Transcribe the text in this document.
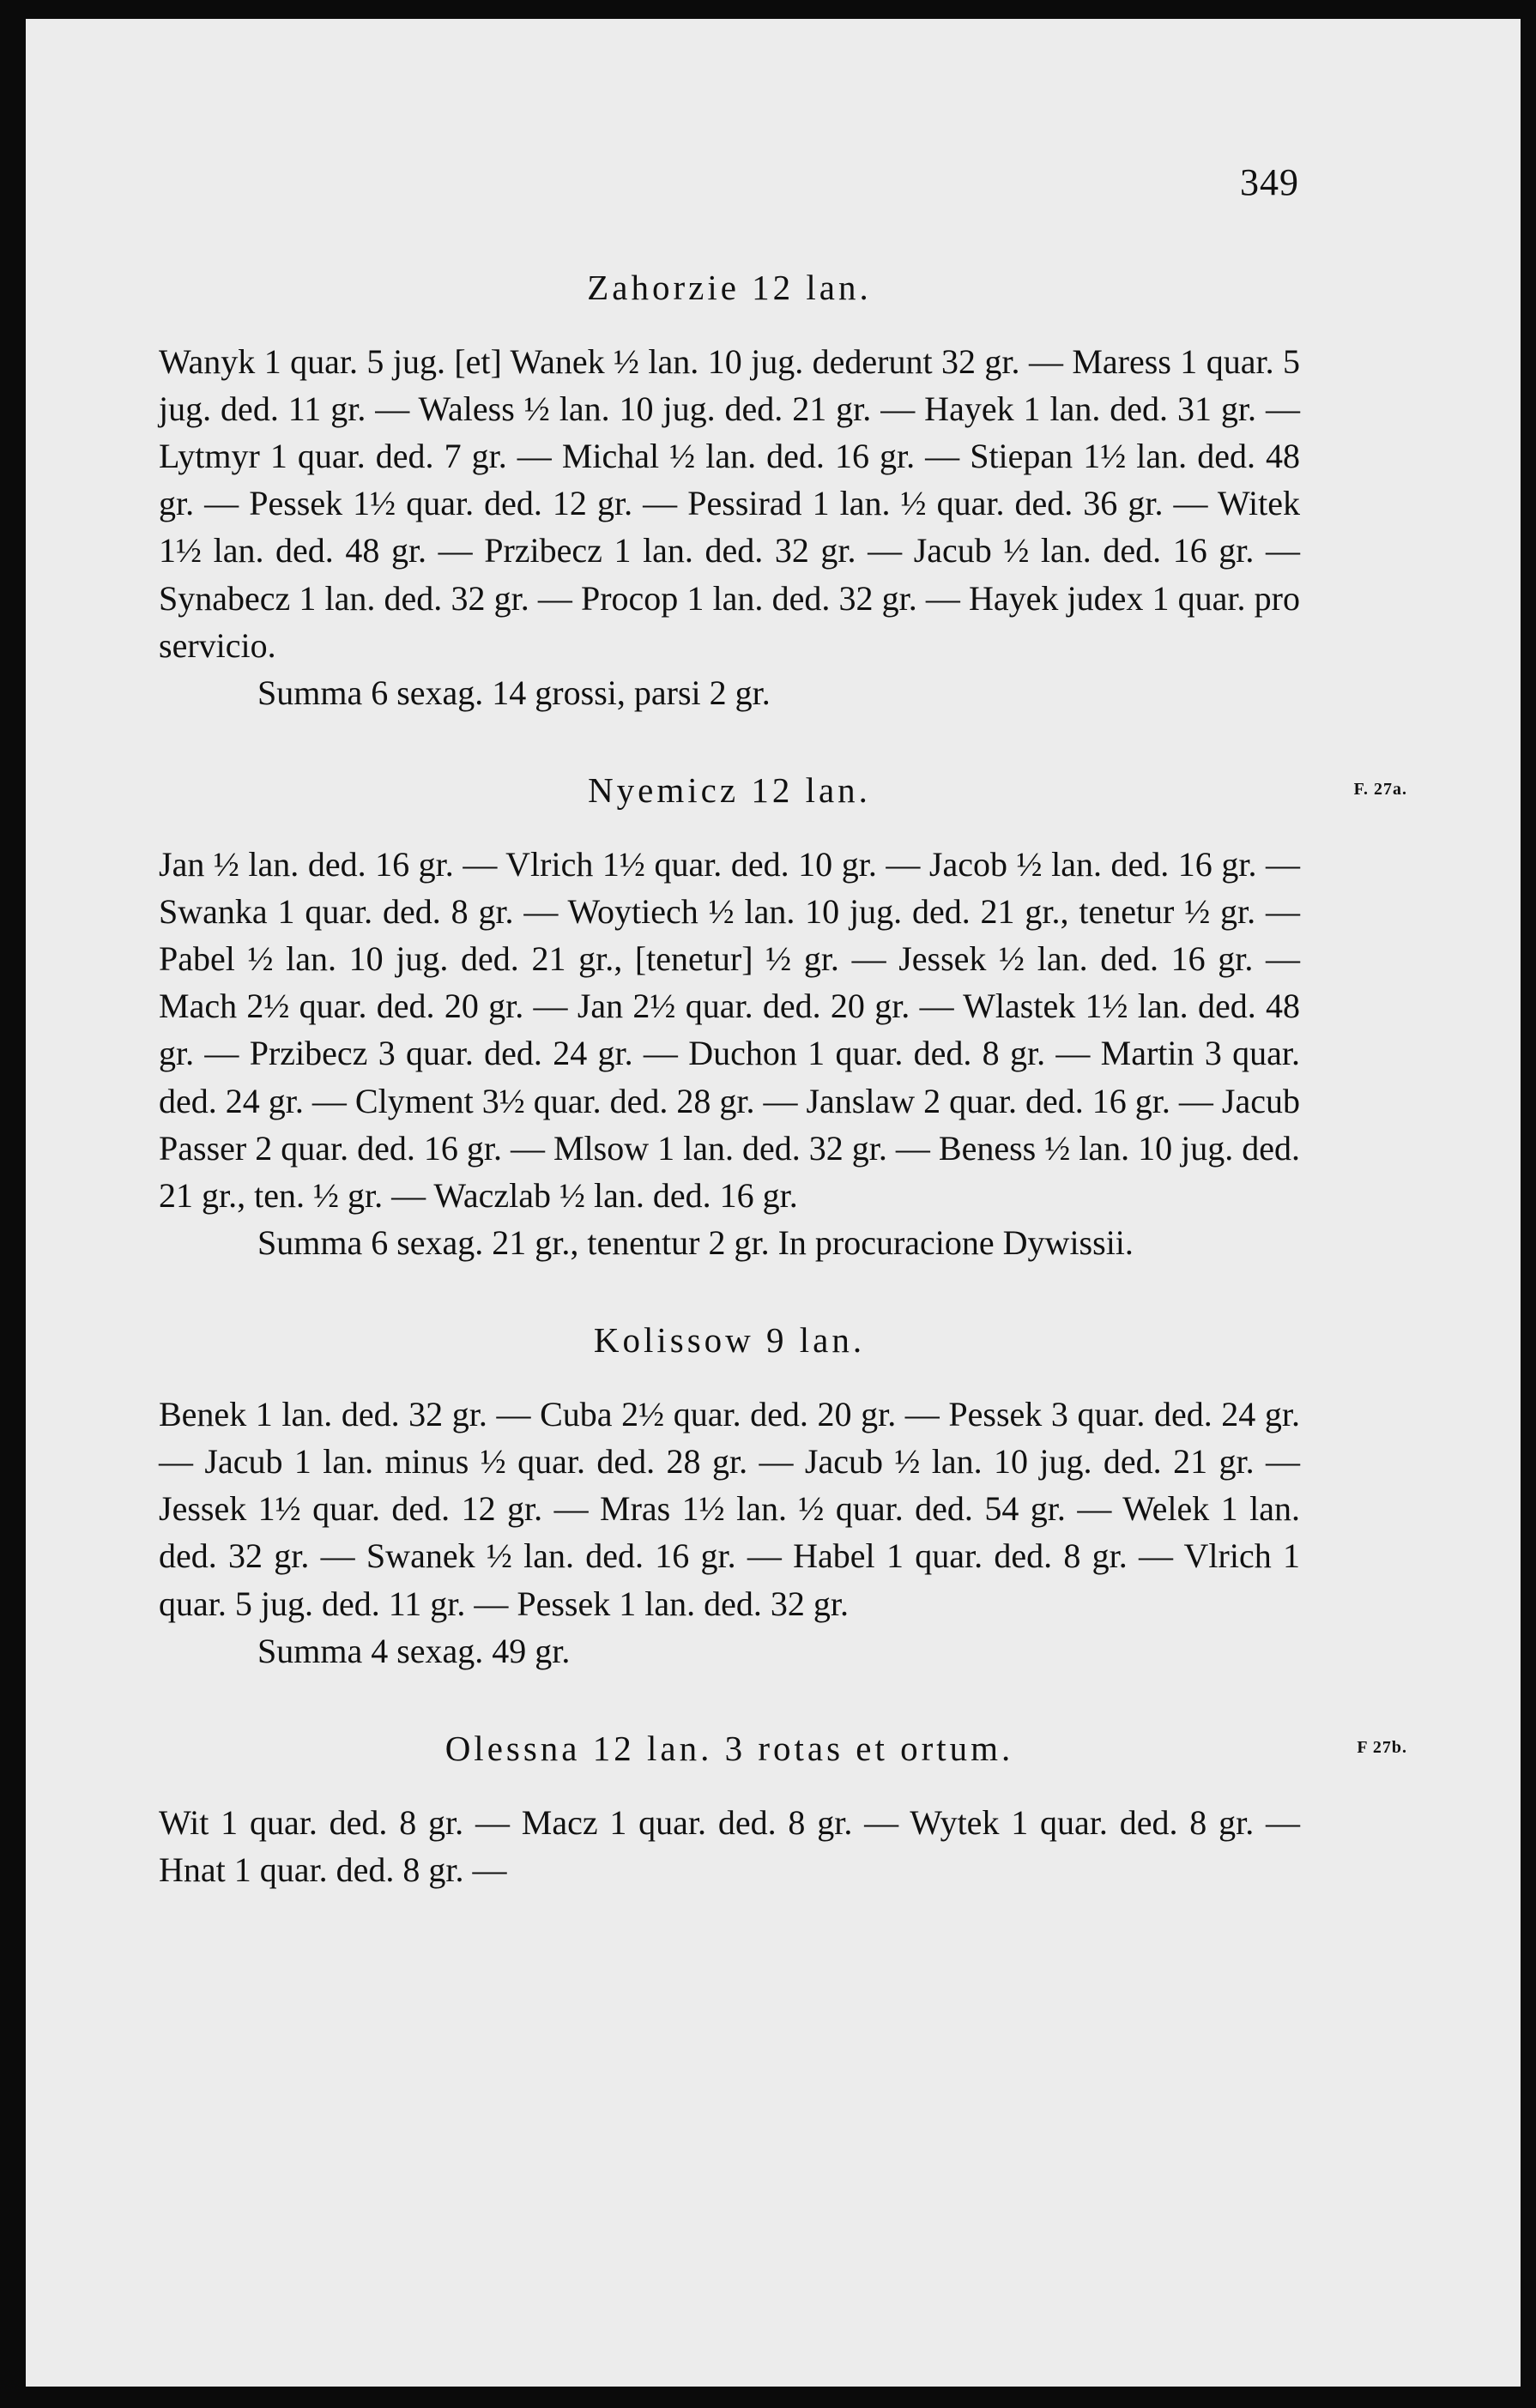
349
Zahorzie 12 lan.

Wanyk 1 quar. 5 jug. [et] Wanek ½ lan. 10 jug. dederunt 32 gr. — Maress 1 quar. 5 jug. ded. 11 gr. — Waless ½ lan. 10 jug. ded. 21 gr. — Hayek 1 lan. ded. 31 gr. — Lytmyr 1 quar. ded. 7 gr. — Michal ½ lan. ded. 16 gr. — Stiepan 1½ lan. ded. 48 gr. — Pessek 1½ quar. ded. 12 gr. — Pessirad 1 lan. ½ quar. ded. 36 gr. — Witek 1½ lan. ded. 48 gr. — Przibecz 1 lan. ded. 32 gr. — Jacub ½ lan. ded. 16 gr. — Synabecz 1 lan. ded. 32 gr. — Procop 1 lan. ded. 32 gr. — Hayek judex 1 quar. pro servicio.

Summa 6 sexag. 14 grossi, parsi 2 gr.

Nyemicz 12 lan.	F. 27a.

Jan ½ lan. ded. 16 gr. — Vlrich 1½ quar. ded. 10 gr. — Jacob ½ lan. ded. 16 gr. — Swanka 1 quar. ded. 8 gr. — Woytiech ½ lan. 10 jug. ded. 21 gr., tenetur ½ gr. — Pabel ½ lan. 10 jug. ded. 21 gr., [tenetur] ½ gr. — Jessek ½ lan. ded. 16 gr. — Mach 2½ quar. ded. 20 gr. — Jan 2½ quar. ded. 20 gr. — Wlastek 1½ lan. ded. 48 gr. — Przibecz 3 quar. ded. 24 gr. — Duchon 1 quar. ded. 8 gr. — Martin 3 quar. ded. 24 gr. — Clyment 3½ quar. ded. 28 gr. — Janslaw 2 quar. ded. 16 gr. — Jacub Passer 2 quar. ded. 16 gr. — Mlsow 1 lan. ded. 32 gr. — Beness ½ lan. 10 jug. ded. 21 gr., ten. ½ gr. — Waczlab ½ lan. ded. 16 gr.

Summa 6 sexag. 21 gr., tenentur 2 gr. In procuracione Dywissii.

Kolissow 9 lan.

Benek 1 lan. ded. 32 gr. — Cuba 2½ quar. ded. 20 gr. — Pessek 3 quar. ded. 24 gr. — Jacub 1 lan. minus ½ quar. ded. 28 gr. — Jacub ½ lan. 10 jug. ded. 21 gr. — Jessek 1½ quar. ded. 12 gr. — Mras 1½ lan. ½ quar. ded. 54 gr. — Welek 1 lan. ded. 32 gr. — Swanek ½ lan. ded. 16 gr. — Habel 1 quar. ded. 8 gr. — Vlrich 1 quar. 5 jug. ded. 11 gr. — Pessek 1 lan. ded. 32 gr.

Summa 4 sexag. 49 gr.

Olessna 12 lan. 3 rotas et ortum.	F 27b.

Wit 1 quar. ded. 8 gr. — Macz 1 quar. ded. 8 gr. — Wytek 1 quar. ded. 8 gr. — Hnat 1 quar. ded. 8 gr. —
